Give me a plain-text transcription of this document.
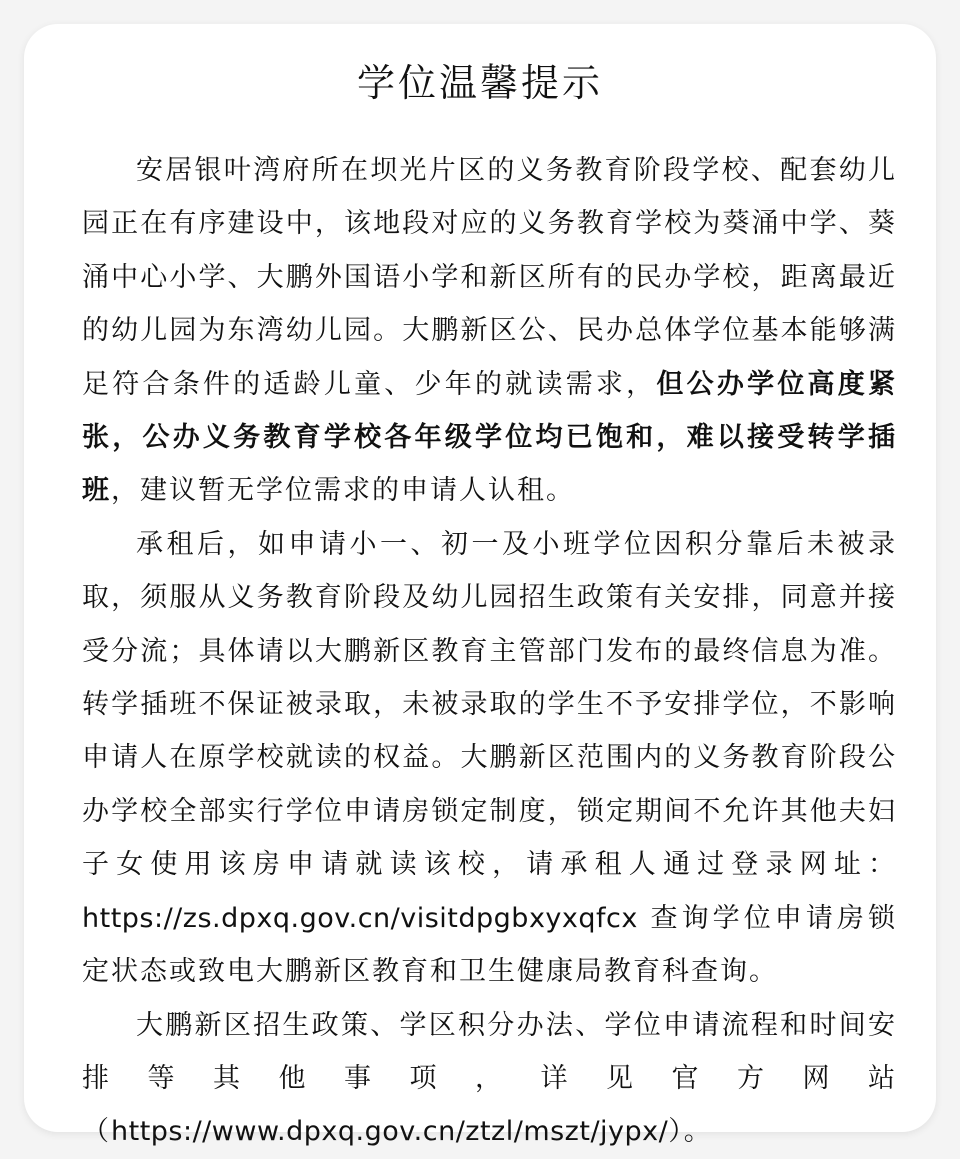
学位温馨提示

安居银叶湾府所在坝光片区的义务教育阶段学校、配套幼儿园正在有序建设中，该地段对应的义务教育学校为葵涌中学、葵涌中心小学、大鹏外国语小学和新区所有的民办学校，距离最近的幼儿园为东湾幼儿园。大鹏新区公、民办总体学位基本能够满足符合条件的适龄儿童、少年的就读需求，但公办学位高度紧张，公办义务教育学校各年级学位均已饱和，难以接受转学插班，建议暂无学位需求的申请人认租。

承租后，如申请小一、初一及小班学位因积分靠后未被录取，须服从义务教育阶段及幼儿园招生政策有关安排，同意并接受分流；具体请以大鹏新区教育主管部门发布的最终信息为准。转学插班不保证被录取，未被录取的学生不予安排学位，不影响申请人在原学校就读的权益。大鹏新区范围内的义务教育阶段公办学校全部实行学位申请房锁定制度，锁定期间不允许其他夫妇子女使用该房申请就读该校，请承租人通过登录网址：https://zs.dpxq.gov.cn/visitdpgbxyxqfcx 查询学位申请房锁定状态或致电大鹏新区教育和卫生健康局教育科查询。

大鹏新区招生政策、学区积分办法、学位申请流程和时间安排等其他事项，详见官方网站（https://www.dpxq.gov.cn/ztzl/mszt/jypx/）。
